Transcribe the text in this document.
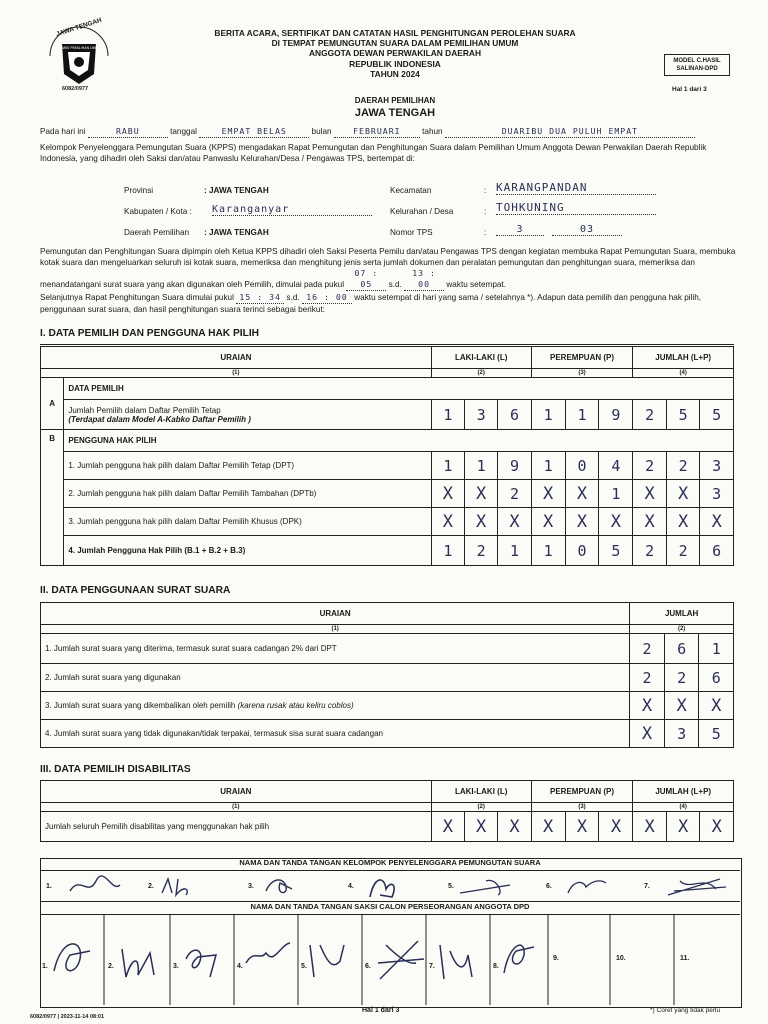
JAWA TENGAH
KOMISI PEMILIHAN UMUM
6082/0977
BERITA ACARA, SERTIFIKAT DAN CATATAN HASIL PENGHITUNGAN PEROLEHAN SUARA
DI TEMPAT PEMUNGUTAN SUARA DALAM PEMILIHAN UMUM
ANGGOTA DEWAN PERWAKILAN DAERAH
REPUBLIK INDONESIA
TAHUN 2024
MODEL C.HASIL
SALINAN-DPD
Hal 1 dari 3
DAERAH PEMILIHAN
JAWA TENGAH
Pada hari ini	RABU	tanggal	EMPAT BELAS	bulan	FEBRUARI	tahun	DUARIBU DUA PULUH EMPAT
Kelompok Penyelenggara Pemungutan Suara (KPPS) mengadakan Rapat Pemungutan dan Penghitungan Suara dalam Pemilihan Umum Anggota Dewan Perwakilan Daerah Republik Indonesia, yang dihadiri oleh Saksi dan/atau Panwaslu Kelurahan/Desa / Pengawas TPS, bertempat di:
Provinsi	: JAWA TENGAH
Kabupaten / Kota : Karanganyar
Daerah Pemilihan : JAWA TENGAH
Kecamatan	: KARANGPANDAN
Kelurahan / Desa	: TOHKUNING
Nomor TPS	:	3	03
Pemungutan dan Penghitungan Suara dipimpin oleh Ketua KPPS dihadiri oleh Saksi Peserta Pemilu dan/atau Pengawas TPS dengan kegiatan membuka Rapat Pemungutan Suara, membuka kotak suara dan mengeluarkan seluruh isi kotak suara, memeriksa dan menghitung jenis serta jumlah dokumen dan peralatan pemungutan dan penghitungan suara, memeriksa dan menandatangani surat suara yang akan digunakan oleh Pemilih, dimulai pada pukul 07 : 05 s.d. 13 : 00 waktu setempat.
Selanjutnya Rapat Penghitungan Suara dimulai pukul 15 : 34 s.d. 16 : 00 waktu setempat di hari yang sama / setelahnya *). Adapun data pemilih dan pengguna hak pilih, penggunaan surat suara, dan hasil penghitungan suara terinci sebagai berikut:
I. DATA PEMILIH DAN PENGGUNA HAK PILIH
URAIAN		LAKI-LAKI (L)			PEREMPUAN (P)			JUMLAH (L+P)		
(1)		(2)			(3)			(4)		
A	DATA PEMILIH									

	Jumlah Pemilih dalam Daftar Pemilih Tetap
(Terdapat dalam Model A-Kabko Daftar Pemilih )	1	3	6	1	1	9	2	5	5
B	PENGGUNA HAK PILIH									
	1. Jumlah pengguna hak pilih dalam Daftar Pemilih Tetap (DPT)	1	1	9	1	0	4	2	2	3
	2. Jumlah pengguna hak pilih dalam Daftar Pemilih Tambahan (DPTb)	X	X	2	X	X	1	X	X	3
	3. Jumlah pengguna hak pilih dalam Daftar Pemilih Khusus (DPK)	X	X	X	X	X	X	X	X	X
	4. Jumlah Pengguna Hak Pilih (B.1 + B.2 + B.3)	1	2	1	1	0	5	2	2	6
II. DATA PENGGUNAAN SURAT SUARA
URAIAN	JUMLAH		
(1)	(2)		
1. Jumlah surat suara yang diterima, termasuk surat suara cadangan 2% dari DPT	2	6	1
2. Jumlah surat suara yang digunakan	2	2	6
3. Jumlah surat suara yang dikembalikan oleh pemilih (karena rusak atau keliru coblos)	X	X	X
4. Jumlah surat suara yang tidak digunakan/tidak terpakai, termasuk sisa surat suara cadangan	X	3	5
III. DATA PEMILIH DISABILITAS
URAIAN	LAKI-LAKI (L)			PEREMPUAN (P)			JUMLAH (L+P)		
(1)	(2)			(3)			(4)		
Jumlah seluruh Pemilih disabilitas yang menggunakan hak pilih	X	X	X	X	X	X	X	X	X
NAMA DAN TANDA TANGAN KELOMPOK PENYELENGGARA PEMUNGUTAN SUARA
1.	2.	3.	4.	5.	6.	7.
NAMA DAN TANDA TANGAN SAKSI CALON PERSEORANGAN ANGGOTA DPD
1.	2.	3.	4.	5.	6.	7.	8.
9.	10.	11.
6082/0977 | 2023-11-14 08:01
Hal 1 dari 3	*) Coret yang tidak perlu
